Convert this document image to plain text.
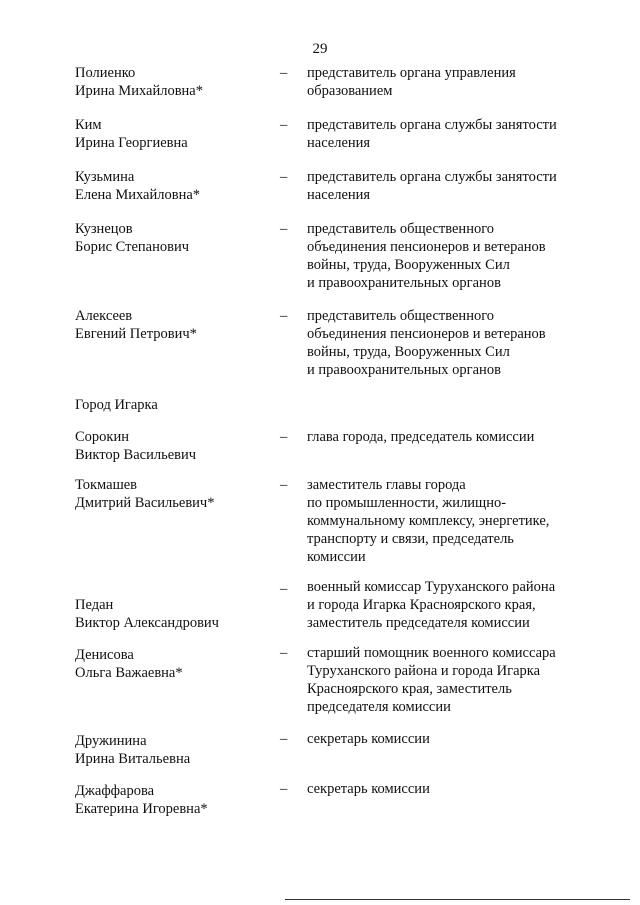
29
Полиенко
Ирина Михайловна*
– представитель органа управления
образованием
Ким
Ирина Георгиевна
– представитель органа службы занятости
населения
Кузьмина
Елена Михайловна*
– представитель органа службы занятости
населения
Кузнецов
Борис Степанович
– представитель общественного
объединения пенсионеров и ветеранов
войны, труда, Вооруженных Сил
и правоохранительных органов
Алексеев
Евгений Петрович*
– представитель общественного
объединения пенсионеров и ветеранов
войны, труда, Вооруженных Сил
и правоохранительных органов
Город Игарка
Сорокин
Виктор Васильевич
– глава города, председатель комиссии
Токмашев
Дмитрий Васильевич*
– заместитель главы города
по промышленности, жилищно-
коммунальному комплексу, энергетике,
транспорту и связи, председатель
комиссии
Педан
Виктор Александрович
– военный комиссар Туруханского района
и города Игарка Красноярского края,
заместитель председателя комиссии
Денисова
Ольга Важаевна*
– старший помощник военного комиссара
Туруханского района и города Игарка
Красноярского края, заместитель
председателя комиссии
Дружинина
Ирина Витальевна
– секретарь комиссии
Джаффарова
Екатерина Игоревна*
– секретарь комиссии
